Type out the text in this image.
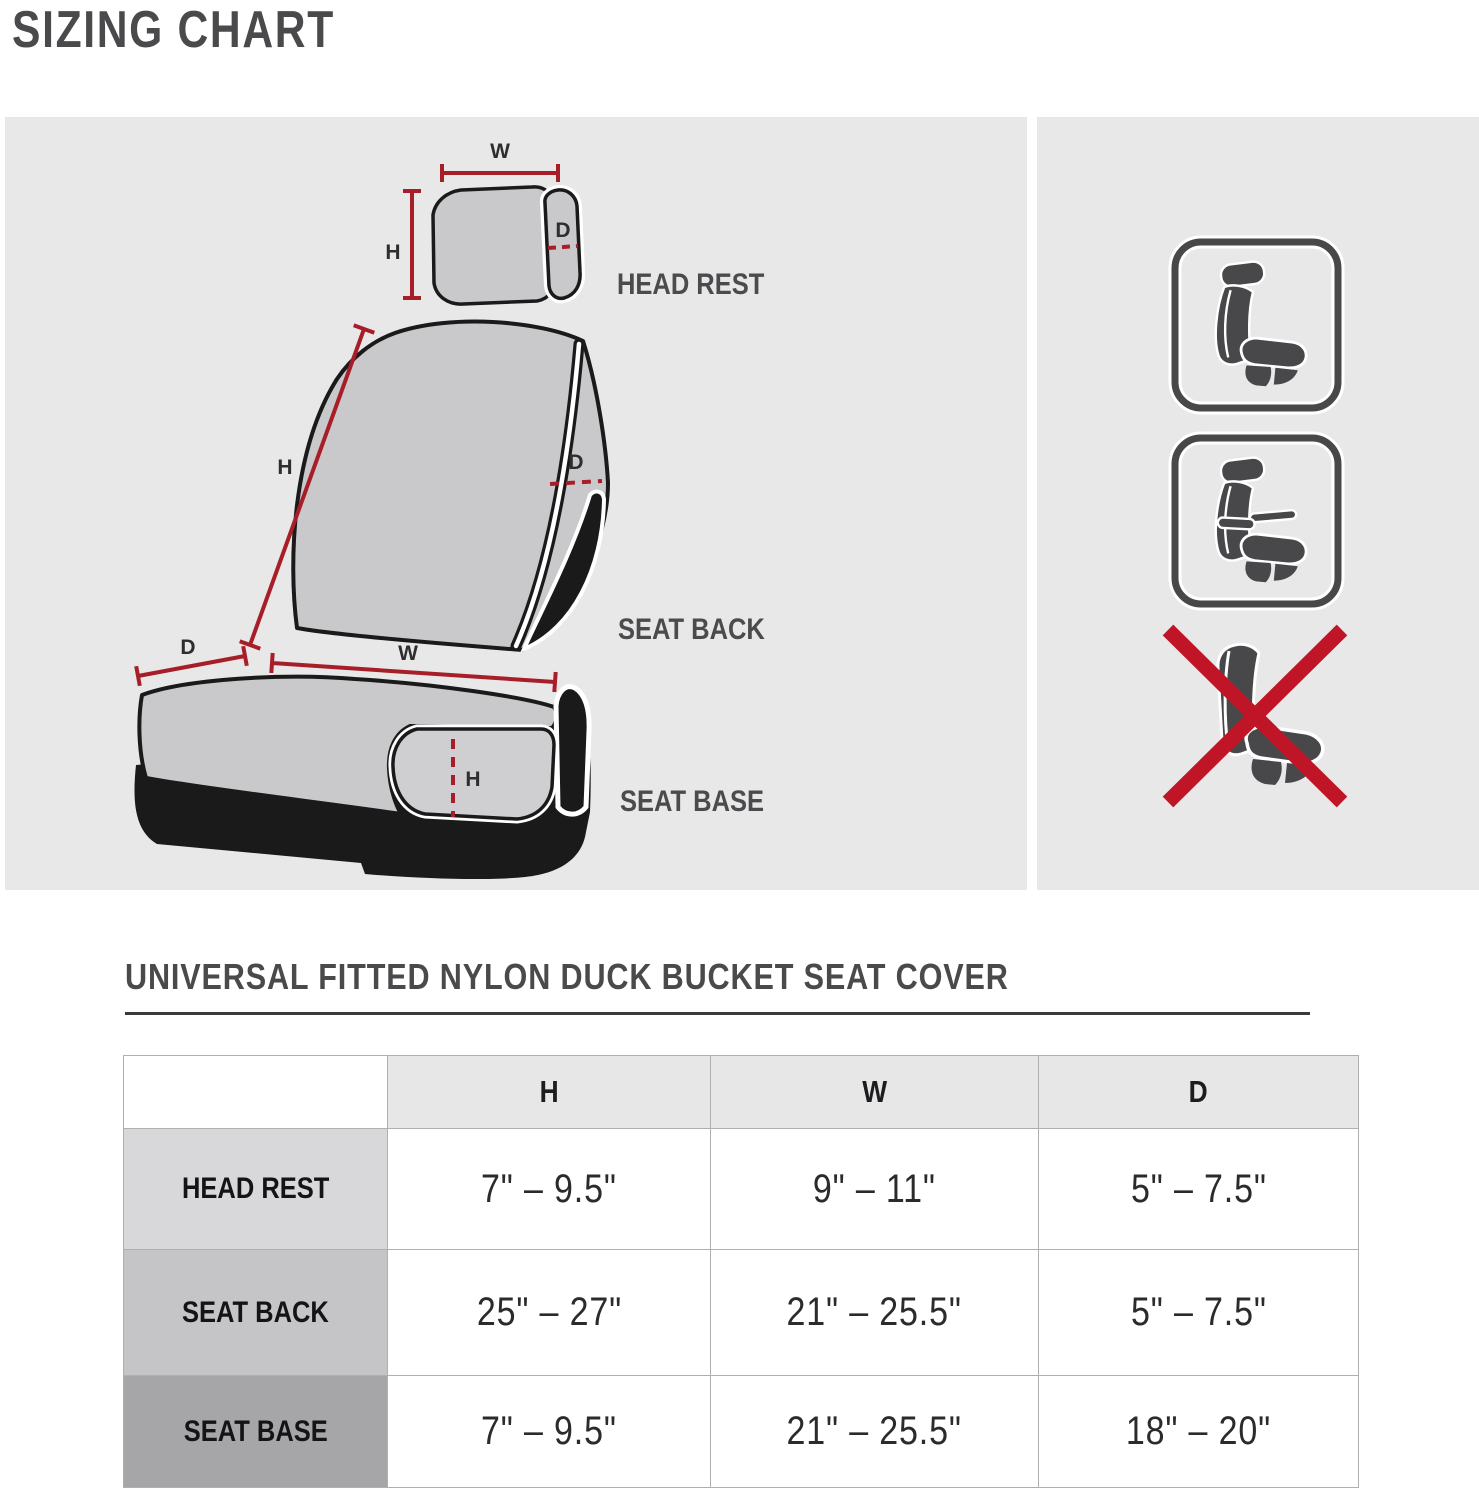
SIZING CHART
W
H
D
HEAD REST
H	D
SEAT BACK
D	W
H
SEAT BASE
UNIVERSAL FITTED NYLON DUCK BUCKET SEAT COVER
	H	W	D
HEAD REST	7" – 9.5"	9" – 11"	5" – 7.5"
SEAT BACK	25" – 27"	21" – 25.5"	5" – 7.5"
SEAT BASE	7" – 9.5"	21" – 25.5"	18" – 20"
